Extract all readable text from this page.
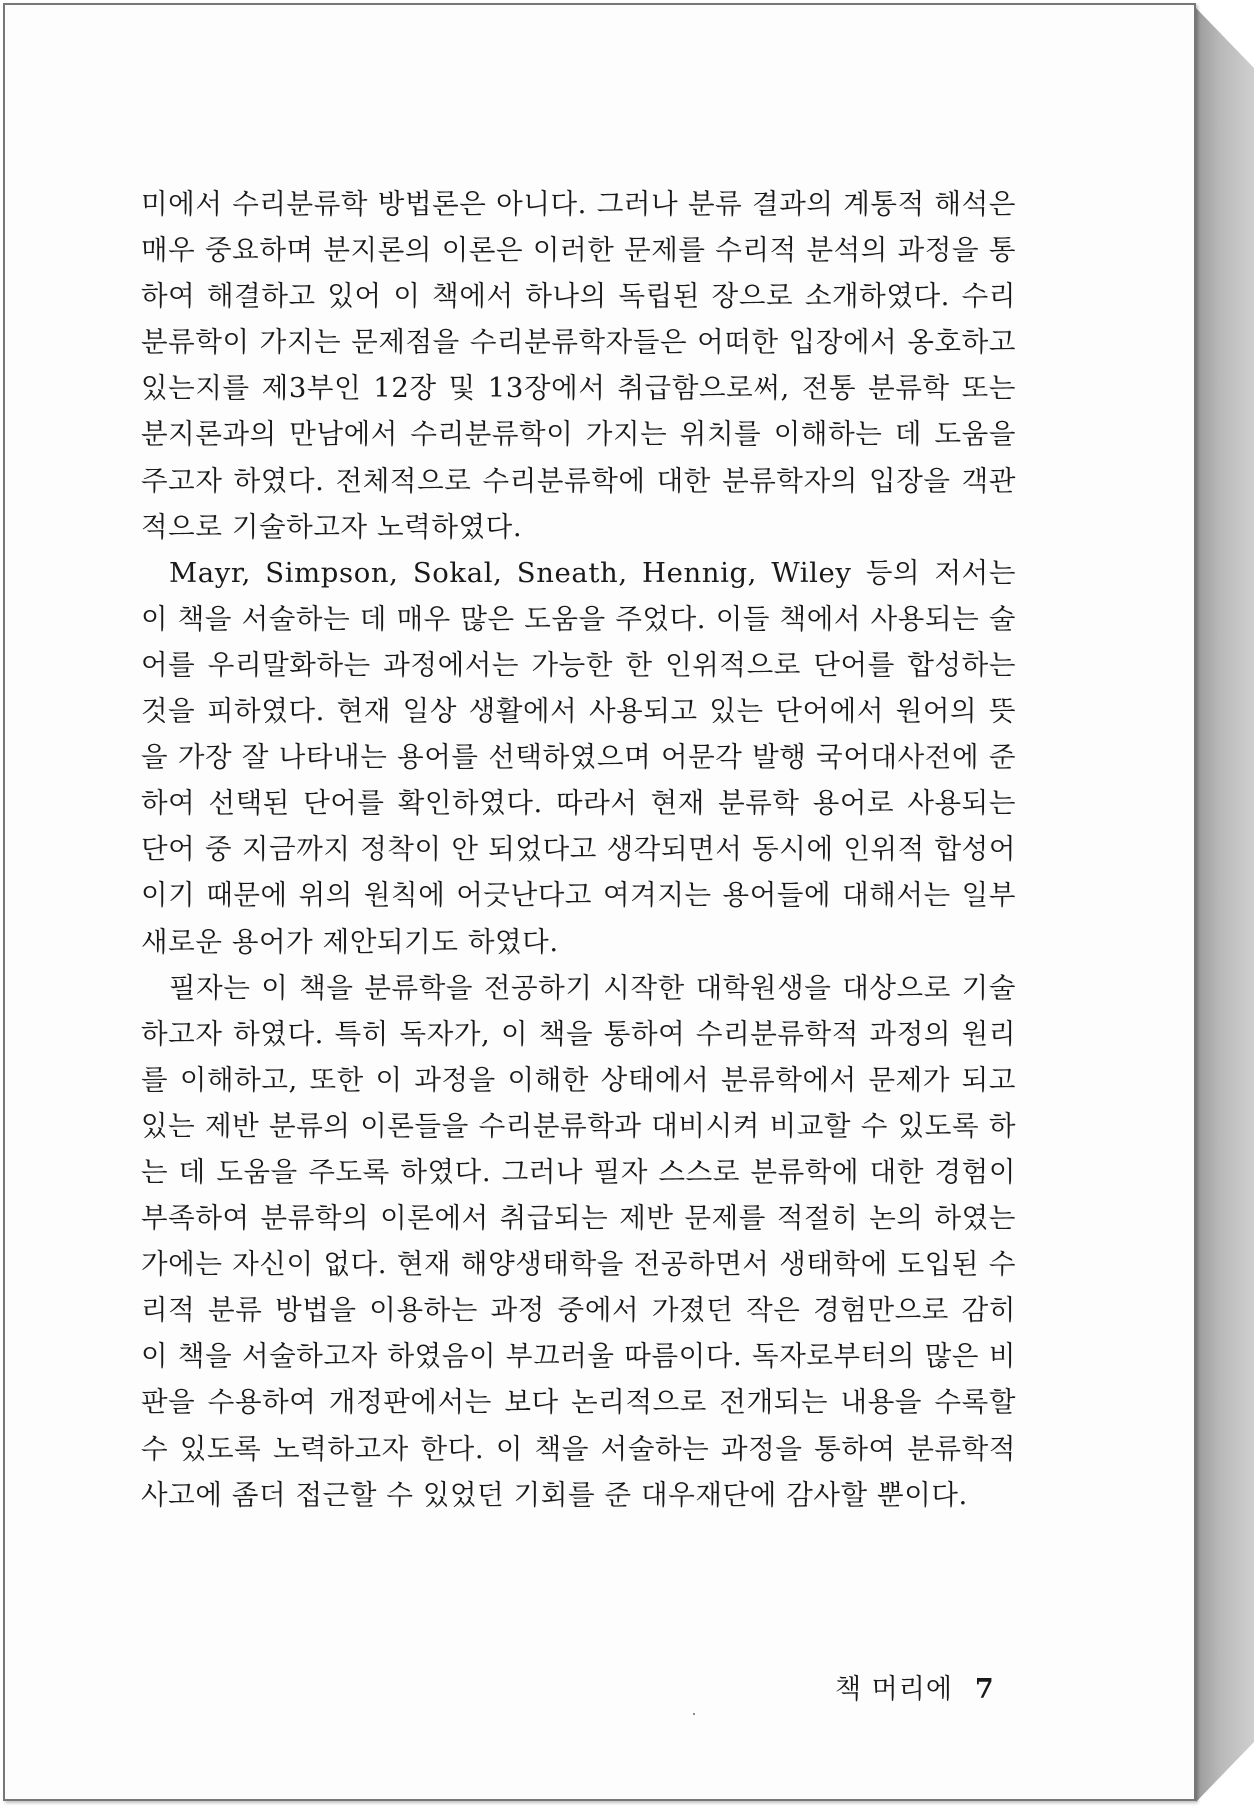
미에서 수리분류학 방법론은 아니다. 그러나 분류 결과의 계통적 해석은 매우 중요하며 분지론의 이론은 이러한 문제를 수리적 분석의 과정을 통하여 해결하고 있어 이 책에서 하나의 독립된 장으로 소개하였다. 수리분류학이 가지는 문제점을 수리분류학자들은 어떠한 입장에서 옹호하고 있는지를 제3부인 12장 및 13장에서 취급함으로써, 전통 분류학 또는 분지론과의 만남에서 수리분류학이 가지는 위치를 이해하는 데 도움을 주고자 하였다. 전체적으로 수리분류학에 대한 분류학자의 입장을 객관적으로 기술하고자 노력하였다.

Mayr, Simpson, Sokal, Sneath, Hennig, Wiley 등의 저서는 이 책을 서술하는 데 매우 많은 도움을 주었다. 이들 책에서 사용되는 술어를 우리말화하는 과정에서는 가능한 한 인위적으로 단어를 합성하는 것을 피하였다. 현재 일상 생활에서 사용되고 있는 단어에서 원어의 뜻을 가장 잘 나타내는 용어를 선택하였으며 어문각 발행 국어대사전에 준하여 선택된 단어를 확인하였다. 따라서 현재 분류학 용어로 사용되는 단어 중 지금까지 정착이 안 되었다고 생각되면서 동시에 인위적 합성어이기 때문에 위의 원칙에 어긋난다고 여겨지는 용어들에 대해서는 일부 새로운 용어가 제안되기도 하였다.

필자는 이 책을 분류학을 전공하기 시작한 대학원생을 대상으로 기술하고자 하였다. 특히 독자가, 이 책을 통하여 수리분류학적 과정의 원리를 이해하고, 또한 이 과정을 이해한 상태에서 분류학에서 문제가 되고 있는 제반 분류의 이론들을 수리분류학과 대비시켜 비교할 수 있도록 하는 데 도움을 주도록 하였다. 그러나 필자 스스로 분류학에 대한 경험이 부족하여 분류학의 이론에서 취급되는 제반 문제를 적절히 논의 하였는가에는 자신이 없다. 현재 해양생태학을 전공하면서 생태학에 도입된 수리적 분류 방법을 이용하는 과정 중에서 가졌던 작은 경험만으로 감히 이 책을 서술하고자 하였음이 부끄러울 따름이다. 독자로부터의 많은 비판을 수용하여 개정판에서는 보다 논리적으로 전개되는 내용을 수록할 수 있도록 노력하고자 한다. 이 책을 서술하는 과정을 통하여 분류학적 사고에 좀더 접근할 수 있었던 기회를 준 대우재단에 감사할 뿐이다.

책 머리에 7
